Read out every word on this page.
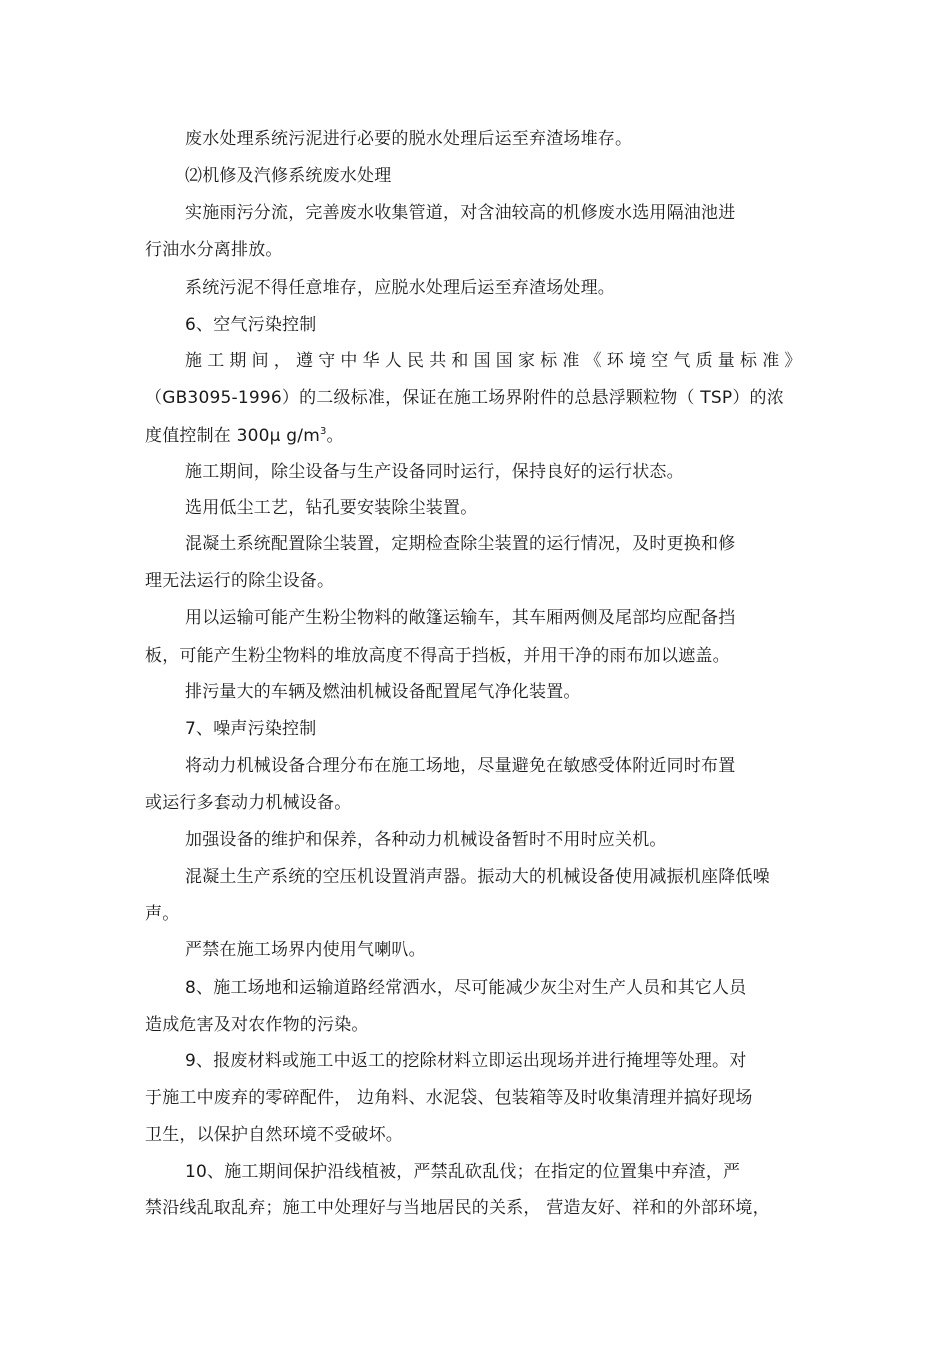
废水处理系统污泥进行必要的脱水处理后运至弃渣场堆存。
⑵机修及汽修系统废水处理
实施雨污分流，完善废水收集管道，对含油较高的机修废水选用隔油池进
行油水分离排放。
系统污泥不得任意堆存，应脱水处理后运至弃渣场处理。
6、空气污染控制
施工期间，遵守中华人民共和国国家标准《环境空气质量标准》
（GB3095-1996）的二级标准，保证在施工场界附件的总悬浮颗粒物（ TSP）的浓
度值控制在 300μ $g/m^3$。
施工期间，除尘设备与生产设备同时运行，保持良好的运行状态。
选用低尘工艺，钻孔要安装除尘装置。
混凝土系统配置除尘装置，定期检查除尘装置的运行情况，及时更换和修
理无法运行的除尘设备。
用以运输可能产生粉尘物料的敞篷运输车，其车厢两侧及尾部均应配备挡
板，可能产生粉尘物料的堆放高度不得高于挡板，并用干净的雨布加以遮盖。
排污量大的车辆及燃油机械设备配置尾气净化装置。
7、噪声污染控制
将动力机械设备合理分布在施工场地，尽量避免在敏感受体附近同时布置
或运行多套动力机械设备。
加强设备的维护和保养，各种动力机械设备暂时不用时应关机。
混凝土生产系统的空压机设置消声器。振动大的机械设备使用减振机座降低噪
声。
严禁在施工场界内使用气喇叭。
8、施工场地和运输道路经常洒水，尽可能减少灰尘对生产人员和其它人员
造成危害及对农作物的污染。
9、报废材料或施工中返工的挖除材料立即运出现场并进行掩埋等处理。对
于施工中废弃的零碎配件， 边角料、水泥袋、包装箱等及时收集清理并搞好现场
卫生，以保护自然环境不受破坏。
10、施工期间保护沿线植被，严禁乱砍乱伐；在指定的位置集中弃渣，严
禁沿线乱取乱弃；施工中处理好与当地居民的关系， 营造友好、祥和的外部环境，
